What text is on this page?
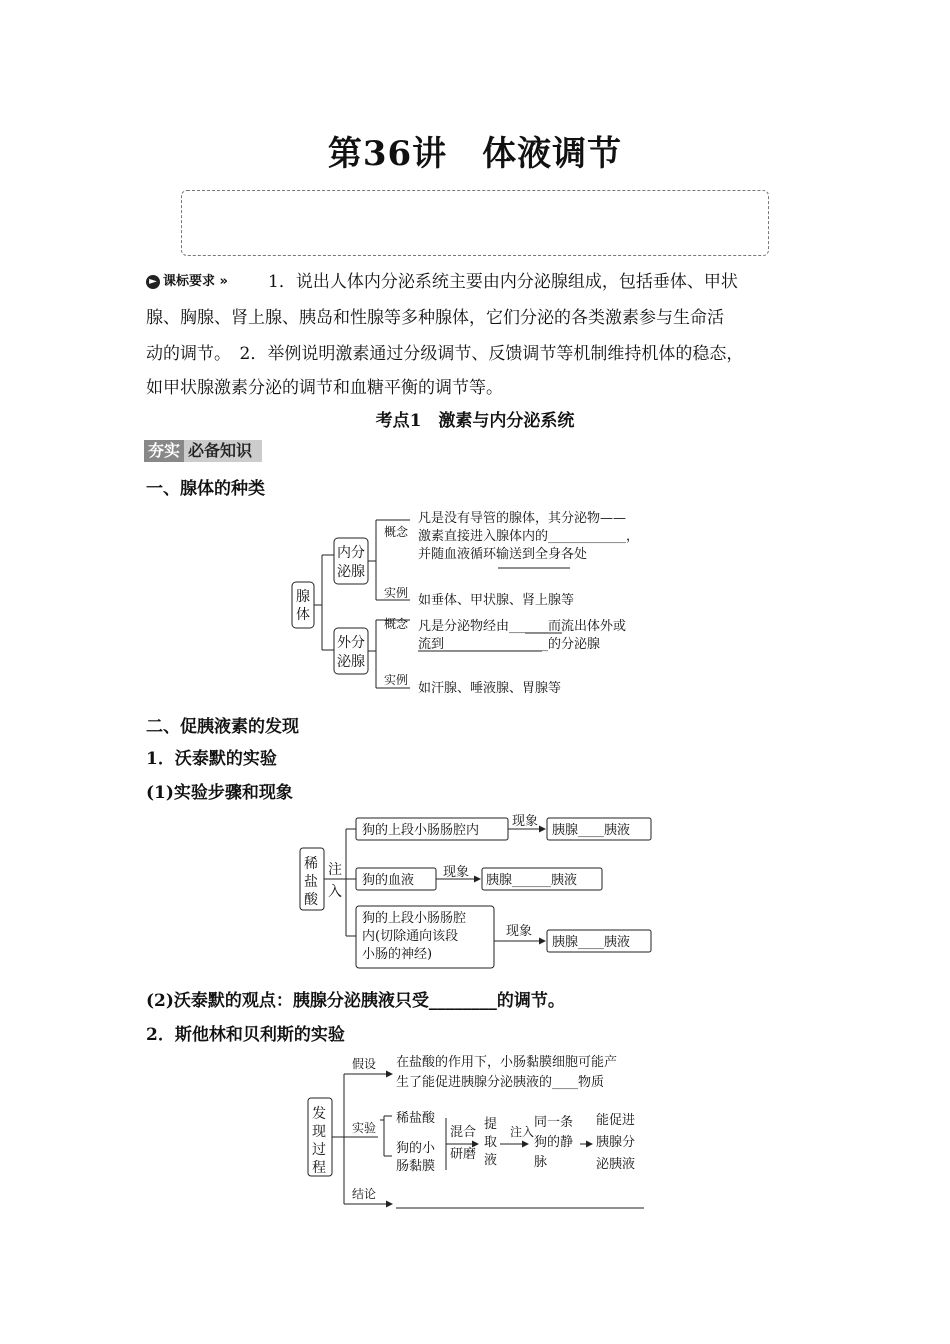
第36讲　体液调节
► 课标要求 » 1．说出人体内分泌系统主要由内分泌腺组成，包括垂体、甲状
腺、胸腺、肾上腺、胰岛和性腺等多种腺体，它们分泌的各类激素参与生命活
动的调节。　2．举例说明激素通过分级调节、反馈调节等机制维持机体的稳态，
如甲状腺激素分泌的调节和血糖平衡的调节等。
考点1　激素与内分泌系统
夯实 必备知识
一、腺体的种类
腺
体
内分
泌腺
外分
泌腺
概念
实例
概念
实例
凡是没有导管的腺体，其分泌物——
激素直接进入腺体内的____________，
并随血液循环输送到全身各处
如垂体、甲状腺、肾上腺等
凡是分泌物经由______而流出体外或
流到________________的分泌腺
如汗腺、唾液腺、胃腺等
二、促胰液素的发现
1．沃泰默的实验
(1)实验步骤和现象
稀
盐
酸
注
入
狗的上段小肠肠腔内
狗的血液
狗的上段小肠肠腔
内(切除通向该段
小肠的神经)
现象
现象
现象
胰腺____胰液
胰腺______胰液
胰腺____胰液
(2)沃泰默的观点：胰腺分泌胰液只受________的调节。
2．斯他林和贝利斯的实验
发
现
过
程
假设
实验
结论
注入
在盐酸的作用下，小肠黏膜细胞可能产
生了能促进胰腺分泌胰液的____物质
稀盐酸
狗的小
肠黏膜
混合
研磨
提
取
液
同一条
狗的静
脉
能促进
胰腺分
泌胰液
